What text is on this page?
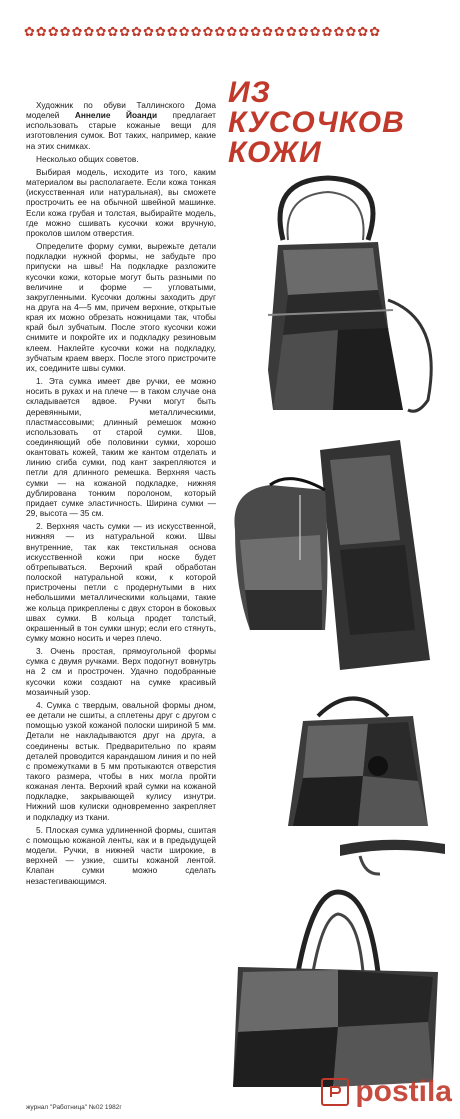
✿ ✿ ✿ ✿ ✿ ✿ ✿ ✿ ✿ ✿ ✿ ✿ ✿ ✿ ✿ ✿ ✿ ✿ ✿ ✿ ✿ ✿ ✿ ✿ ✿ ✿ ✿ ✿ ✿ ✿
ИЗ
КУСОЧКОВ
КОЖИ

Художник по обуви Таллинского Дома моделей Аннелие Йоанди предлагает использовать старые кожаные вещи для изготовления сумок. Вот таких, например, какие на этих снимках.

Несколько общих советов.

Выбирая модель, исходите из того, каким материалом вы располагаете. Если кожа тонкая (искусственная или натуральная), вы сможете прострочить ее на обычной швейной машинке. Если кожа грубая и толстая, выбирайте модель, где можно сшивать кусочки кожи вручную, проколов шилом отверстия.

Определите форму сумки, вырежьте детали подкладки нужной формы, не забудьте про припуски на швы! На подкладке разложите кусочки кожи, которые могут быть разными по величине и форме — угловатыми, закругленными. Кусочки должны заходить друг на друга на 4—5 мм, причем верхние, открытые края их можно обрезать ножницами так, чтобы край был зубчатым. После этого кусочки кожи снимите и покройте их и подкладку резиновым клеем. Наклейте кусочки кожи на подкладку, зубчатым краем вверх. После этого пристрочите их, соедините швы сумки.

1. Эта сумка имеет две ручки, ее можно носить в руках и на плече — в таком случае она складывается вдвое. Ручки могут быть деревянными, металлическими, пластмассовыми; длинный ремешок можно использовать от старой сумки. Шов, соединяющий обе половинки сумки, хорошо окантовать кожей, таким же кантом отделать и линию сгиба сумки, под кант закрепляются и петли для длинного ремешка. Верхняя часть сумки — на кожаной подкладке, нижняя дублирована тонким поролоном, который придает сумке эластичность. Ширина сумки — 29, высота — 35 см.

2. Верхняя часть сумки — из искусственной, нижняя — из натуральной кожи. Швы внутренние, так как текстильная основа искусственной кожи при носке будет обтрепываться. Верхний край обработан полоской натуральной кожи, к которой пристрочены петли с продернутыми в них небольшими металлическими кольцами, такие же кольца прикреплены с двух сторон в боковых швах сумки. В кольца продет толстый, окрашенный в тон сумки шнур; если его стянуть, сумку можно носить и через плечо.

3. Очень простая, прямоугольной формы сумка с двумя ручками. Верх подогнут вовнутрь на 2 см и прострочен. Удачно подобранные кусочки кожи создают на сумке красивый мозаичный узор.

4. Сумка с твердым, овальной формы дном, ее детали не сшиты, а сплетены друг с другом с помощью узкой кожаной полоски шириной 5 мм. Детали не накладываются друг на друга, а соединены встык. Предварительно по краям деталей проводится карандашом линия и по ней с промежутками в 5 мм протыкаются отверстия такого размера, чтобы в них могла пройти кожаная лента. Верхний край сумки на кожаной подкладке, закрывающей кулису изнутри. Нижний шов кулиски одновременно закрепляет и подкладку из ткани.

5. Плоская сумка удлиненной формы, сшитая с помощью кожаной ленты, как и в предыдущей модели. Ручки, в нижней части широкие, в верхней — узкие, сшиты кожаной лентой. Клапан сумки можно сделать незастегивающимся.

журнал "Работница" №02 1982г	postila
